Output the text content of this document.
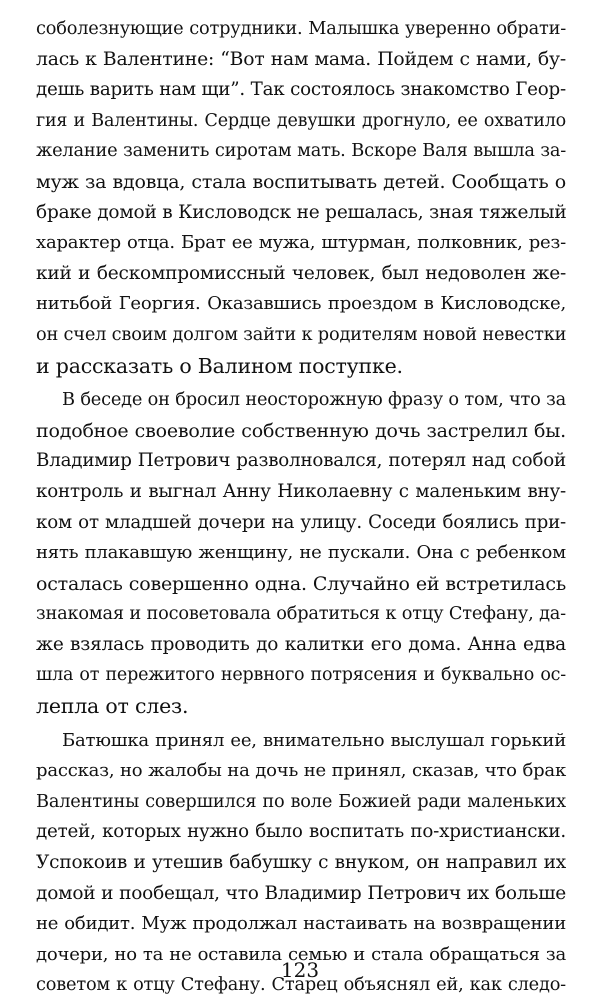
соболезнующие сотрудники. Малышка уверенно обрати-
лась к Валентине: “Вот нам мама. Пойдем с нами, бу-
дешь варить нам щи”. Так состоялось знакомство Геор-
гия и Валентины. Сердце девушки дрогнуло, ее охватило
желание заменить сиротам мать. Вскоре Валя вышла за-
муж за вдовца, стала воспитывать детей. Сообщать о
браке домой в Кисловодск не решалась, зная тяжелый
характер отца. Брат ее мужа, штурман, полковник, рез-
кий и бескомпромиссный человек, был недоволен же-
нитьбой Георгия. Оказавшись проездом в Кисловодске,
он счел своим долгом зайти к родителям новой невестки
и рассказать о Валином поступке.

В беседе он бросил неосторожную фразу о том, что за
подобное своеволие собственную дочь застрелил бы.
Владимир Петрович разволновался, потерял над собой
контроль и выгнал Анну Николаевну с маленьким вну-
ком от младшей дочери на улицу. Соседи боялись при-
нять плакавшую женщину, не пускали. Она с ребенком
осталась совершенно одна. Случайно ей встретилась
знакомая и посоветовала обратиться к отцу Стефану, да-
же взялась проводить до калитки его дома. Анна едва
шла от пережитого нервного потрясения и буквально ос-
лепла от слез.

Батюшка принял ее, внимательно выслушал горький
рассказ, но жалобы на дочь не принял, сказав, что брак
Валентины совершился по воле Божией ради маленьких
детей, которых нужно было воспитать по-христиански.
Успокоив и утешив бабушку с внуком, он направил их
домой и пообещал, что Владимир Петрович их больше
не обидит. Муж продолжал настаивать на возвращении
дочери, но та не оставила семью и стала обращаться за
советом к отцу Стефану. Старец объяснял ей, как следо-

123
